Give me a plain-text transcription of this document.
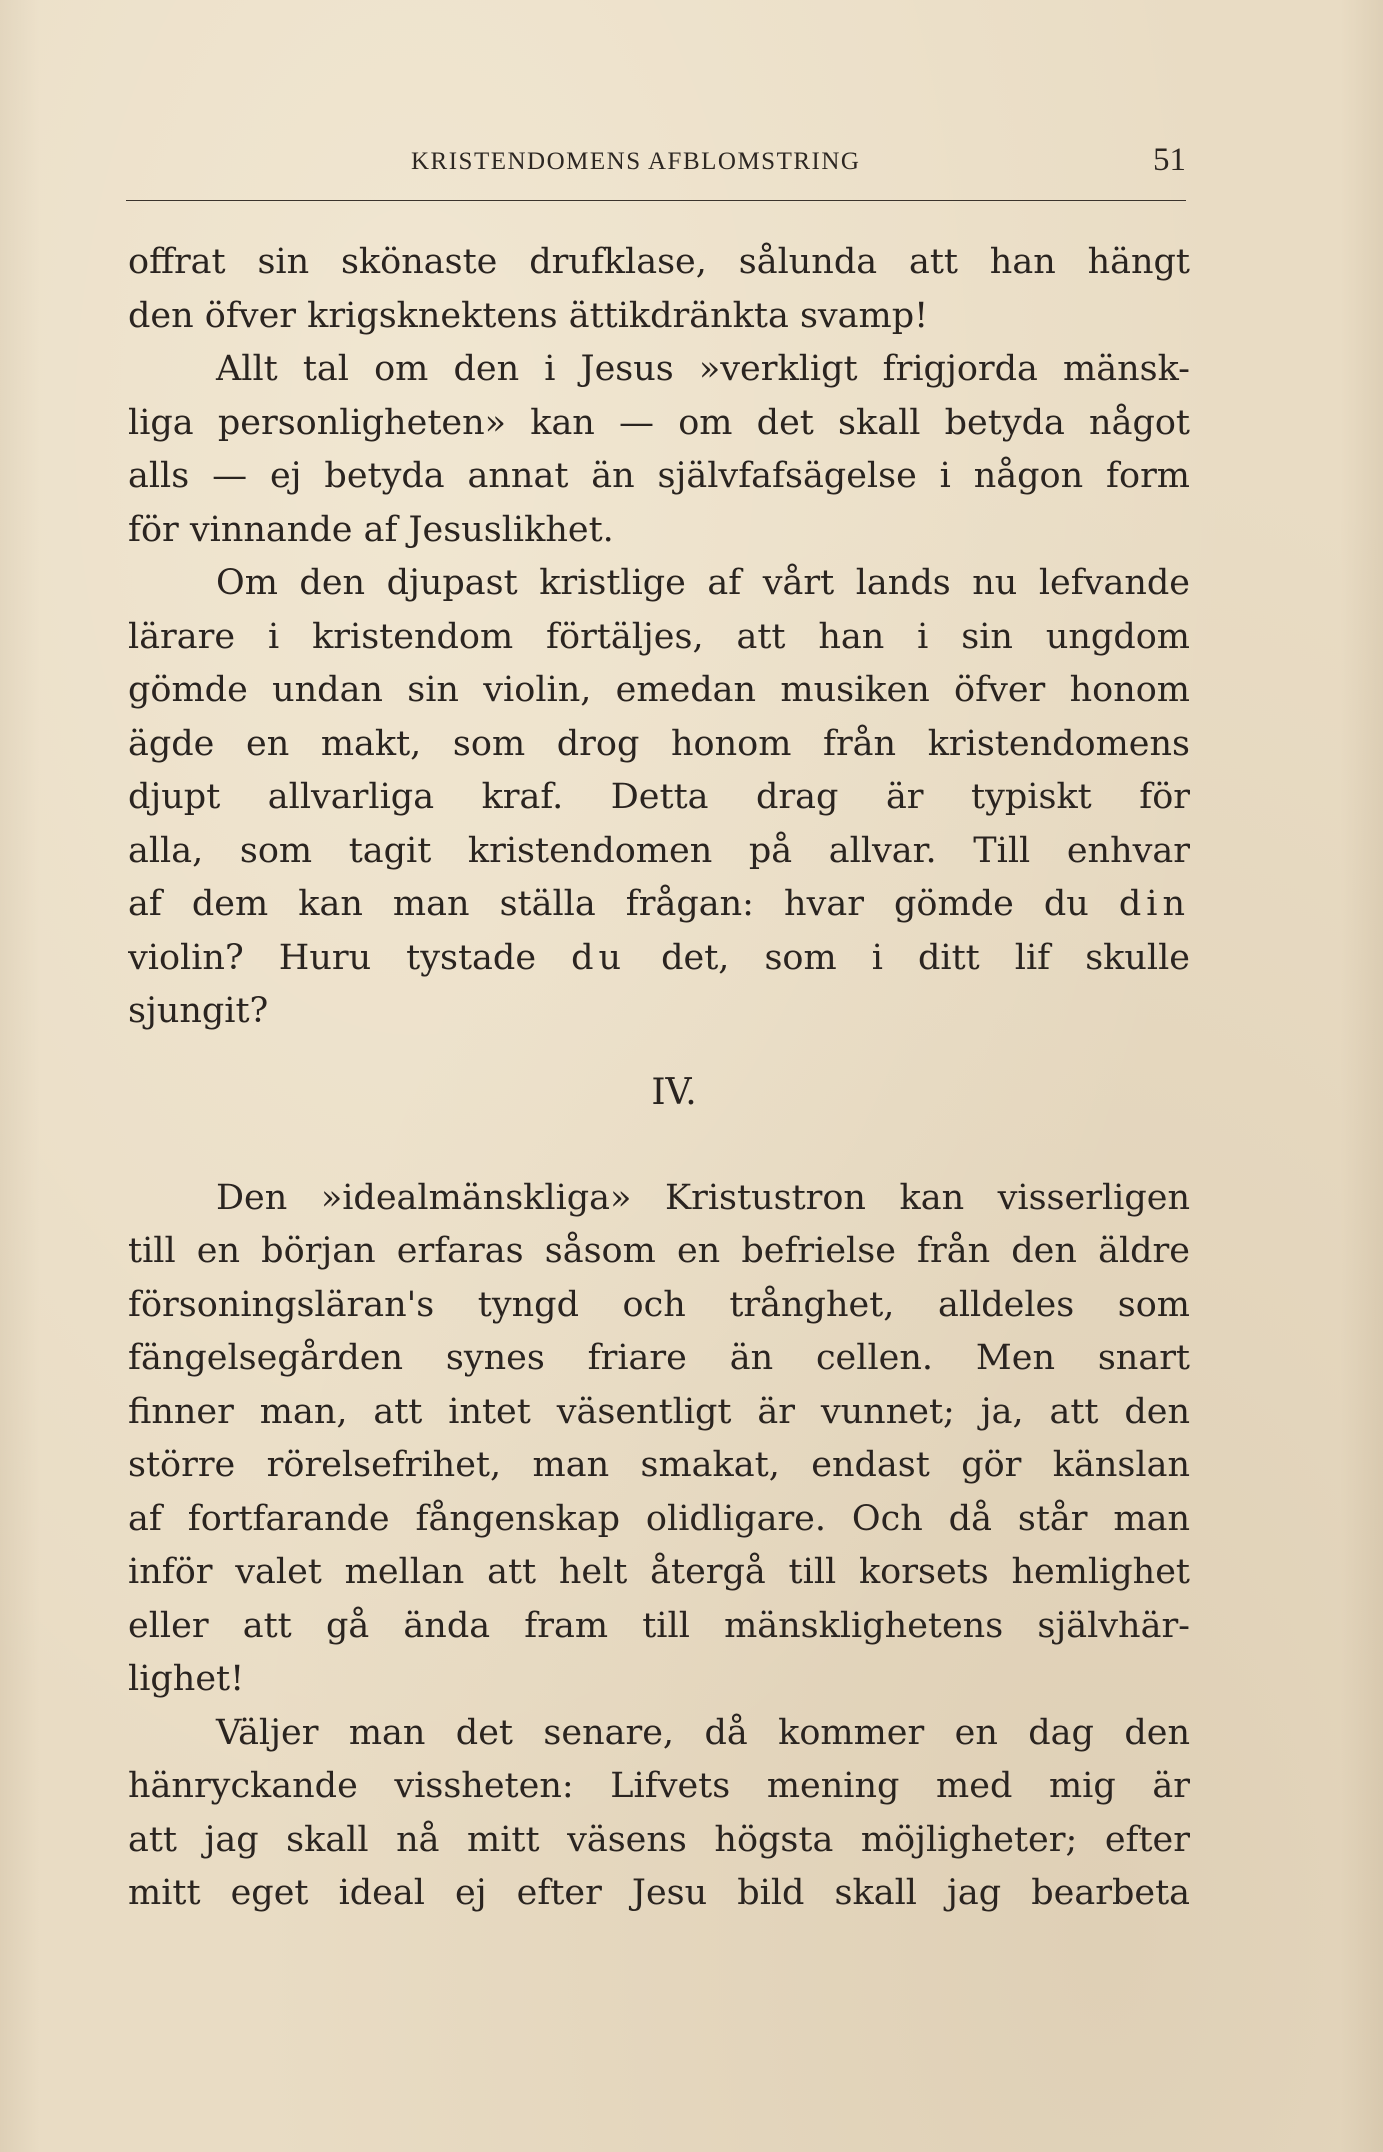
KRISTENDOMENS AFBLOMSTRING	51
offrat sin skönaste drufklase, sålunda att han hängt
den öfver krigsknektens ättikdränkta svamp!
Allt tal om den i Jesus »verkligt frigjorda mänsk-
liga personligheten» kan — om det skall betyda något
alls — ej betyda annat än självfafsägelse i någon form
för vinnande af Jesuslikhet.
Om den djupast kristlige af vårt lands nu lefvande
lärare i kristendom förtäljes, att han i sin ungdom
gömde undan sin violin, emedan musiken öfver honom
ägde en makt, som drog honom från kristendomens
djupt allvarliga kraf. Detta drag är typiskt för
alla, som tagit kristendomen på allvar. Till enhvar
af dem kan man ställa frågan: hvar gömde du din
violin? Huru tystade du det, som i ditt lif skulle
sjungit?
IV.
Den »idealmänskliga» Kristustron kan visserligen
till en början erfaras såsom en befrielse från den äldre
försoningsläran's tyngd och trånghet, alldeles som
fängelsegården synes friare än cellen. Men snart
finner man, att intet väsentligt är vunnet; ja, att den
större rörelsefrihet, man smakat, endast gör känslan
af fortfarande fångenskap olidligare. Och då står man
inför valet mellan att helt återgå till korsets hemlighet
eller att gå ända fram till mänsklighetens självhär-
lighet!
Väljer man det senare, då kommer en dag den
hänryckande vissheten: Lifvets mening med mig är
att jag skall nå mitt väsens högsta möjligheter; efter
mitt eget ideal ej efter Jesu bild skall jag bearbeta
